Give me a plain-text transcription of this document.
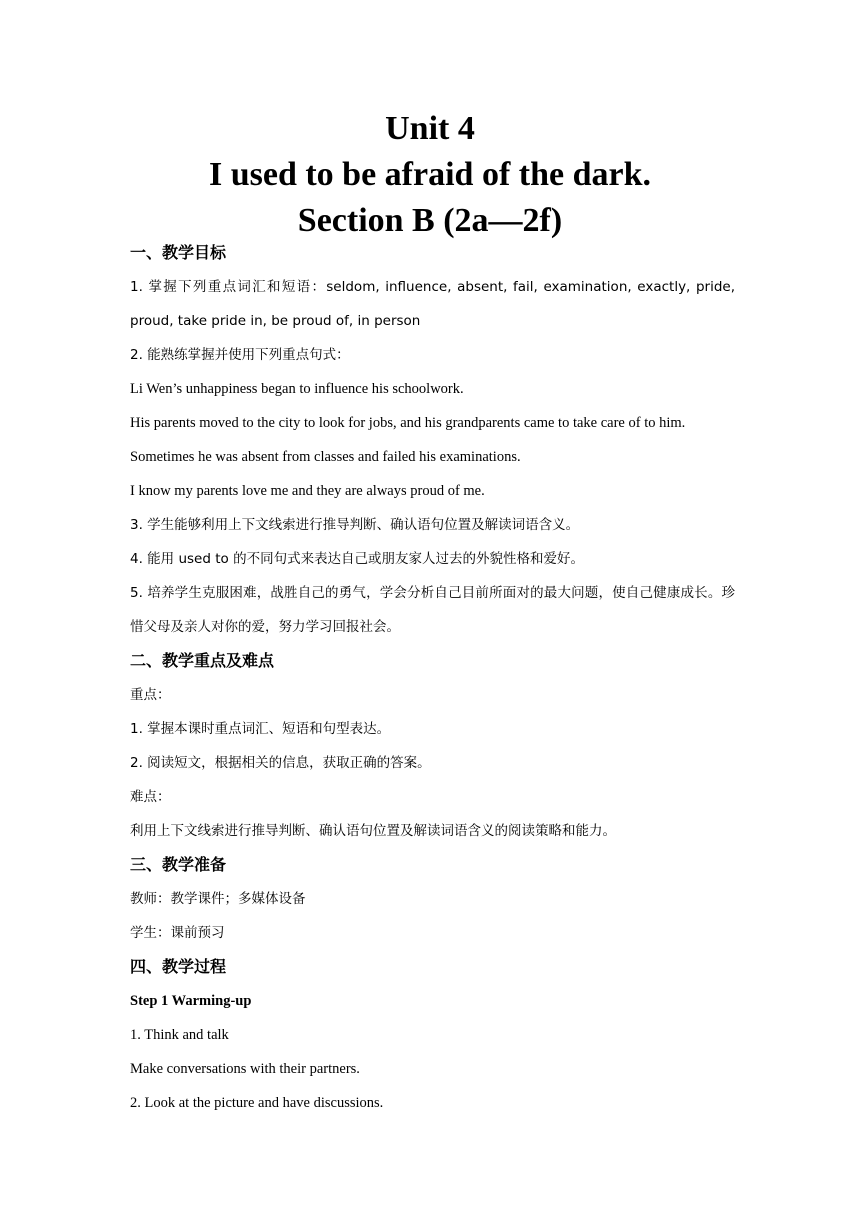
Unit 4
I used to be afraid of the dark.
Section B (2a—2f)
一、教学目标
1. 掌握下列重点词汇和短语：seldom, influence, absent, fail, examination, exactly, pride, proud, take pride in, be proud of, in person
2. 能熟练掌握并使用下列重点句式：
Li Wen’s unhappiness began to influence his schoolwork.
His parents moved to the city to look for jobs, and his grandparents came to take care of to him.
Sometimes he was absent from classes and failed his examinations.
I know my parents love me and they are always proud of me.
3. 学生能够利用上下文线索进行推导判断、确认语句位置及解读词语含义。
4. 能用 used to 的不同句式来表达自己或朋友家人过去的外貌性格和爱好。
5. 培养学生克服困难，战胜自己的勇气，学会分析自己目前所面对的最大问题，使自己健康成长。珍惜父母及亲人对你的爱，努力学习回报社会。
二、教学重点及难点
重点：
1. 掌握本课时重点词汇、短语和句型表达。
2. 阅读短文，根据相关的信息，获取正确的答案。
难点：
利用上下文线索进行推导判断、确认语句位置及解读词语含义的阅读策略和能力。
三、教学准备
教师：教学课件；多媒体设备
学生：课前预习
四、教学过程
Step 1 Warming-up
1. Think and talk
Make conversations with their partners.
2. Look at the picture and have discussions.
